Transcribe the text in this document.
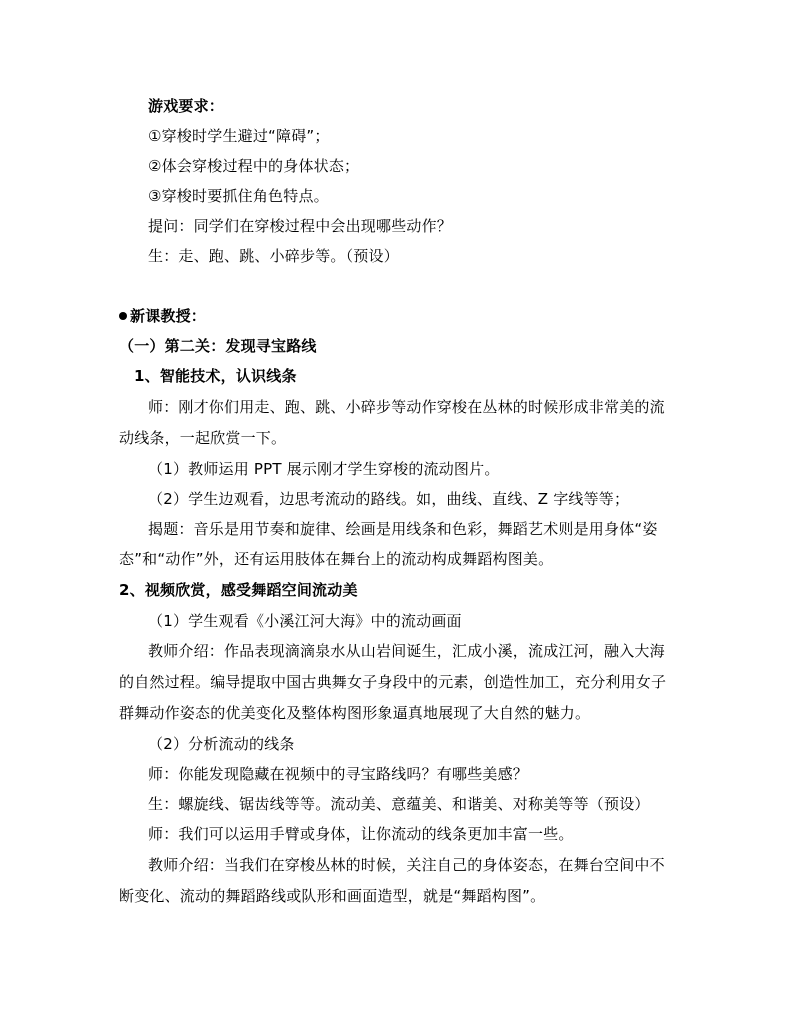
游戏要求：
①穿梭时学生避过“障碍”；
②体会穿梭过程中的身体状态；
③穿梭时要抓住角色特点。
提问：同学们在穿梭过程中会出现哪些动作？
生：走、跑、跳、小碎步等。（预设）
新课教授：
（一）第二关：发现寻宝路线
1、智能技术，认识线条
师：刚才你们用走、跑、跳、小碎步等动作穿梭在丛林的时候形成非常美的流
动线条，一起欣赏一下。
（1）教师运用 PPT 展示刚才学生穿梭的流动图片。
（2）学生边观看，边思考流动的路线。如，曲线、直线、Z 字线等等；
揭题：音乐是用节奏和旋律、绘画是用线条和色彩，舞蹈艺术则是用身体“姿
态”和“动作”外，还有运用肢体在舞台上的流动构成舞蹈构图美。
2、视频欣赏，感受舞蹈空间流动美
（1）学生观看《小溪江河大海》中的流动画面
教师介绍：作品表现滴滴泉水从山岩间诞生，汇成小溪，流成江河，融入大海
的自然过程。编导提取中国古典舞女子身段中的元素，创造性加工，充分利用女子
群舞动作姿态的优美变化及整体构图形象逼真地展现了大自然的魅力。
（2）分析流动的线条
师：你能发现隐藏在视频中的寻宝路线吗？有哪些美感？
生：螺旋线、锯齿线等等。流动美、意蕴美、和谐美、对称美等等（预设）
师：我们可以运用手臂或身体，让你流动的线条更加丰富一些。
教师介绍：当我们在穿梭丛林的时候，关注自己的身体姿态，在舞台空间中不
断变化、流动的舞蹈路线或队形和画面造型，就是“舞蹈构图”。
